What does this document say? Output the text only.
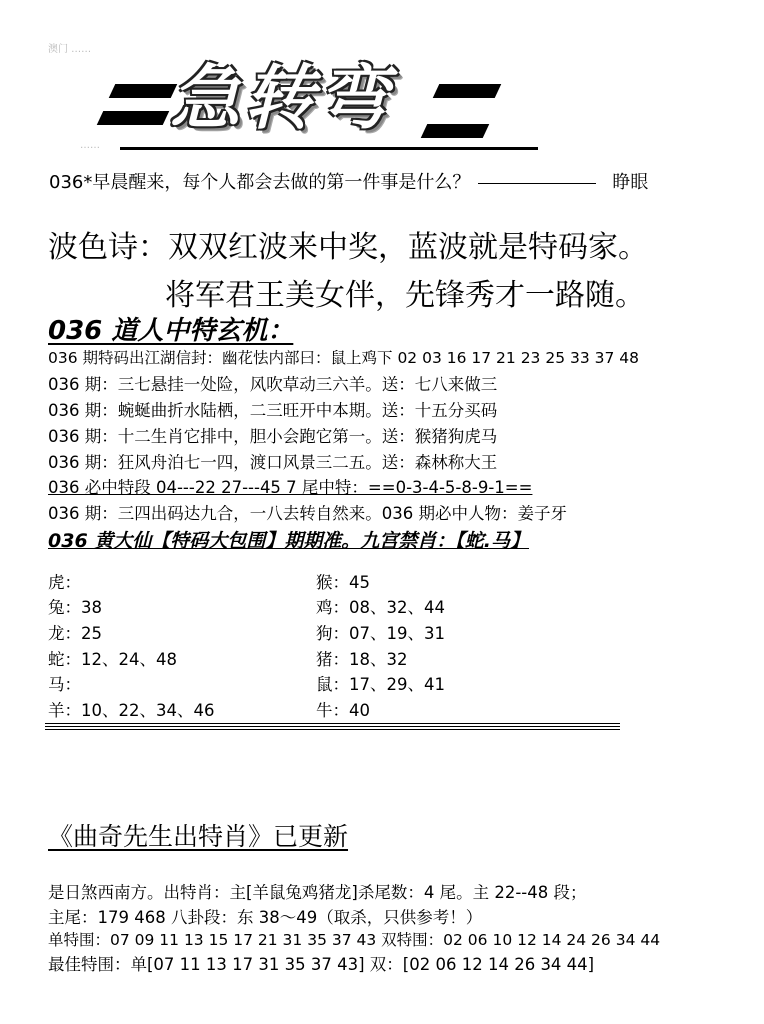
澳门 ……
急转弯
……
036*早晨醒来，每个人都会去做的第一件事是什么？	睁眼
波色诗：双双红波来中奖，蓝波就是特码家。
将军君王美女伴，先锋秀才一路随。
036 道人中特玄机：
036 期特码出江湖信封：幽花怯内部曰：鼠上鸡下 02 03 16 17 21 23 25 33 37 48
036 期：三七悬挂一处险，风吹草动三六羊。送：七八来做三
036 期：蜿蜒曲折水陆栖，二三旺开中本期。送：十五分买码
036 期：十二生肖它排中，胆小会跑它第一。送：猴猪狗虎马
036 期：狂风舟泊七一四，渡口风景三二五。送：森林称大王
036 必中特段 04---22 27---45 7 尾中特：==0-3-4-5-8-9-1==
036 期：三四出码达九合，一八去转自然来。036 期必中人物：姜子牙
036 黄大仙【特码大包围】期期准。九宫禁肖：【蛇.马】
虎：
兔：38
龙：25
蛇：12、24、48
马：
羊：10、22、34、46
猴：45
鸡：08、32、44
狗：07、19、31
猪：18、32
鼠：17、29、41
牛：40
《曲奇先生出特肖》已更新
是日煞西南方。出特肖：主[羊鼠兔鸡猪龙]杀尾数：4 尾。主 22--48 段；
主尾：179 468 八卦段：东 38～49（取杀，只供参考！）
单特围：07 09 11 13 15 17 21 31 35 37 43 双特围：02 06 10 12 14 24 26 34 44
最佳特围：单[07 11 13 17 31 35 37 43] 双：[02 06 12 14 26 34 44]
